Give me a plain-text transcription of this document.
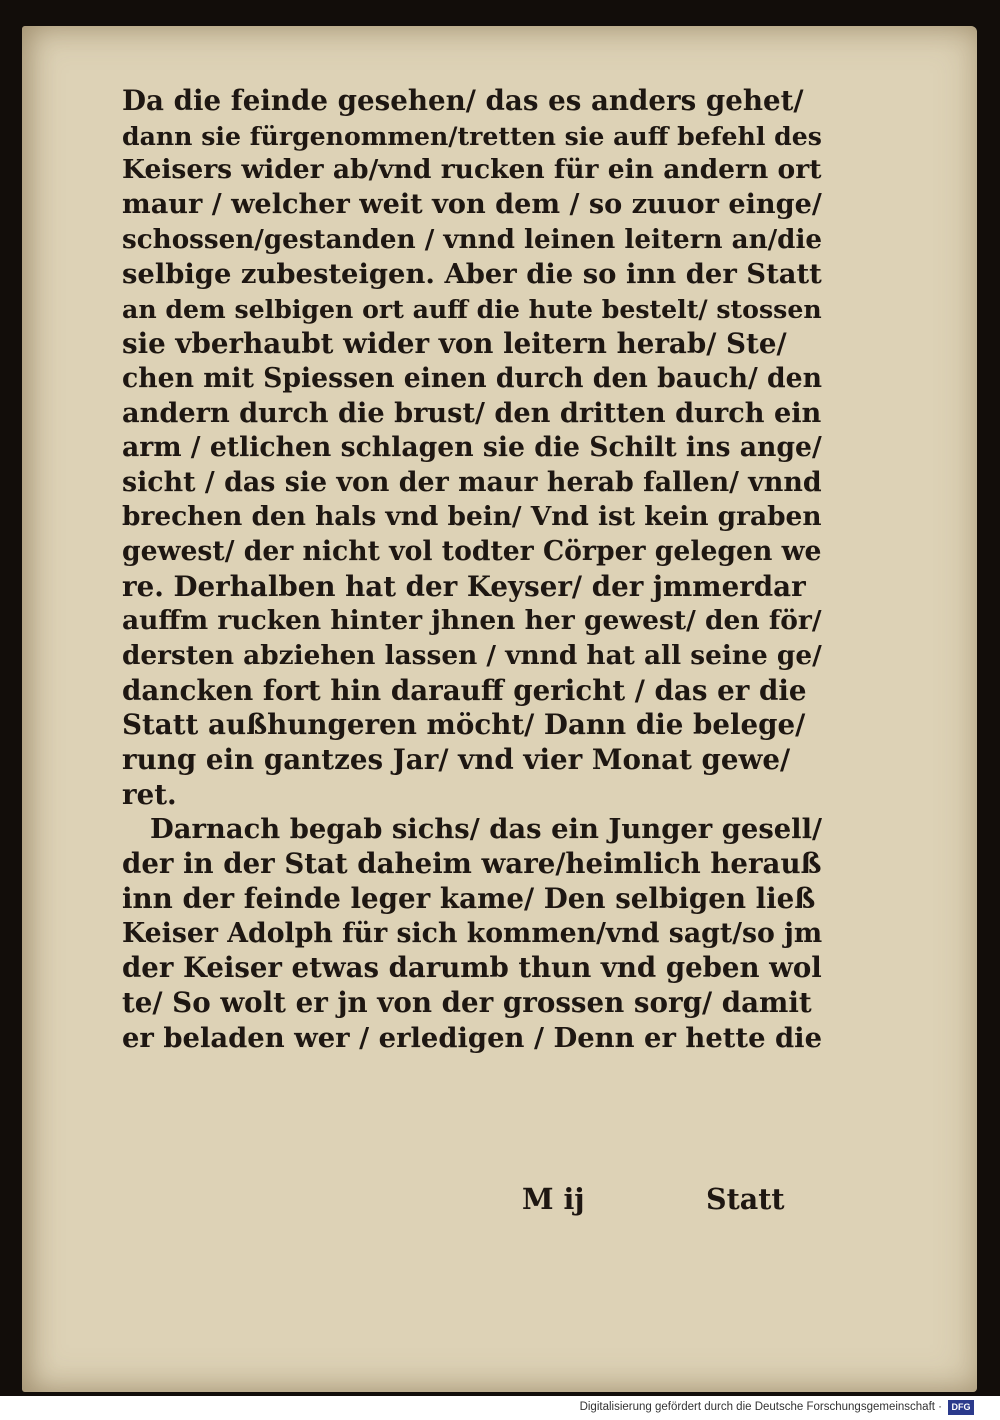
Da die feinde gesehen/ das es anders gehet/
dann sie fürgenommen/tretten sie auff befehl des
Keisers wider ab/vnd rucken für ein andern ort
maur / welcher weit von dem / so zuuor einge/
schossen/gestanden / vnnd leinen leitern an/die
selbige zubesteigen. Aber die so inn der Statt
an dem selbigen ort auff die hute bestelt/ stossen
sie vberhaubt wider von leitern herab/ Ste/
chen mit Spiessen einen durch den bauch/ den
andern durch die brust/ den dritten durch ein
arm / etlichen schlagen sie die Schilt ins ange/
sicht / das sie von der maur herab fallen/ vnnd
brechen den hals vnd bein/ Vnd ist kein graben
gewest/ der nicht vol todter Cörper gelegen we
re. Derhalben hat der Keyser/ der jmmerdar
auffm rucken hinter jhnen her gewest/ den för/
dersten abziehen lassen / vnnd hat all seine ge/
dancken fort hin darauff gericht / das er die
Statt außhungeren möcht/ Dann die belege/
rung ein gantzes Jar/ vnd vier Monat gewe/
ret.
Darnach begab sichs/ das ein Junger gesell/
der in der Stat daheim ware/heimlich herauß
inn der feinde leger kame/ Den selbigen ließ
Keiser Adolph für sich kommen/vnd sagt/so jm
der Keiser etwas darumb thun vnd geben wol
te/ So wolt er jn von der grossen sorg/ damit
er beladen wer / erledigen / Denn er hette die
M ij	Statt
Digitalisierung gefördert durch die Deutsche Forschungsgemeinschaft ·	DFG
